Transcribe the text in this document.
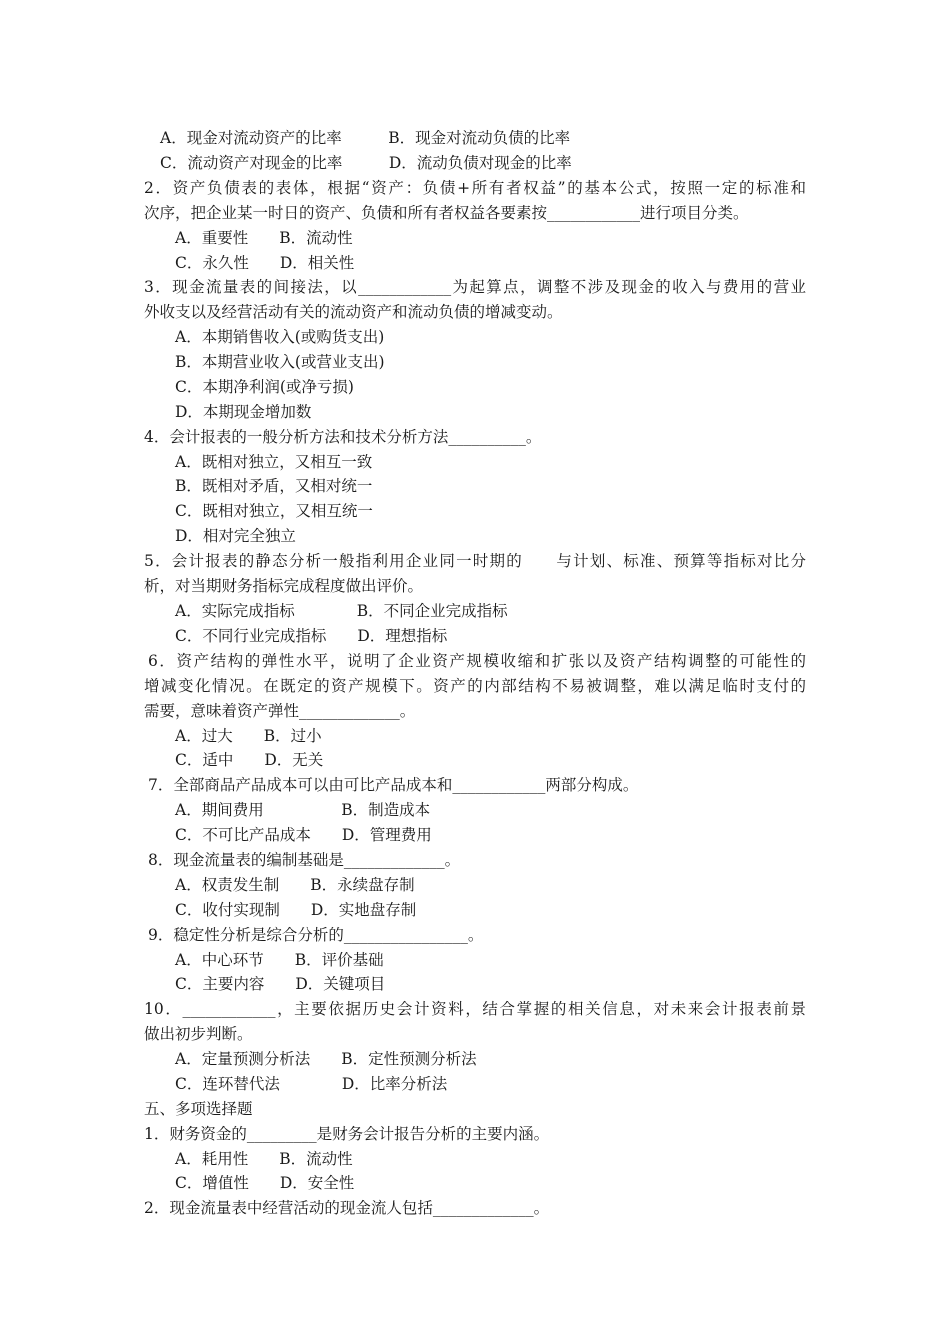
A．现金对流动资产的比率　　　B．现金对流动负债的比率
C．流动资产对现金的比率　　　D．流动负债对现金的比率
2．资产负债表的表体，根据“资产：负债+所有者权益”的基本公式，按照一定的标准和
次序，把企业某一时日的资产、负债和所有者权益各要素按____________进行项目分类。
A．重要性　　B．流动性
C．永久性　　D．相关性
3．现金流量表的间接法，以____________为起算点，调整不涉及现金的收入与费用的营业
外收支以及经营活动有关的流动资产和流动负债的增减变动。
A．本期销售收入(或购货支出)
B．本期营业收入(或营业支出)
C．本期净利润(或净亏损)
D．本期现金增加数
4．会计报表的一般分析方法和技术分析方法__________。
A．既相对独立，又相互一致
B．既相对矛盾，又相对统一
C．既相对独立，又相互统一
D．相对完全独立
5．会计报表的静态分析一般指利用企业同一时期的　　与计划、标准、预算等指标对比分
析，对当期财务指标完成程度做出评价。
A．实际完成指标　　　　B．不同企业完成指标
C．不同行业完成指标　　D．理想指标
6．资产结构的弹性水平，说明了企业资产规模收缩和扩张以及资产结构调整的可能性的
增减变化情况。在既定的资产规模下。资产的内部结构不易被调整，难以满足临时支付的
需要，意味着资产弹性_____________。
A．过大　　B．过小
C．适中　　D．无关
7．全部商品产品成本可以由可比产品成本和____________两部分构成。
A．期间费用　　　　　B．制造成本
C．不可比产品成本　　D．管理费用
8．现金流量表的编制基础是_____________。
A．权责发生制　　B．永续盘存制
C．收付实现制　　D．实地盘存制
9．稳定性分析是综合分析的________________。
A．中心环节　　B．评价基础
C．主要内容　　D．关键项目
10．____________，主要依据历史会计资料，结合掌握的相关信息，对未来会计报表前景
做出初步判断。
A．定量预测分析法　　B．定性预测分析法
C．连环替代法　　　　D．比率分析法
五、多项选择题
1．财务资金的_________是财务会计报告分析的主要内涵。
A．耗用性　　B．流动性
C．增值性　　D．安全性
2．现金流量表中经营活动的现金流人包括_____________。
